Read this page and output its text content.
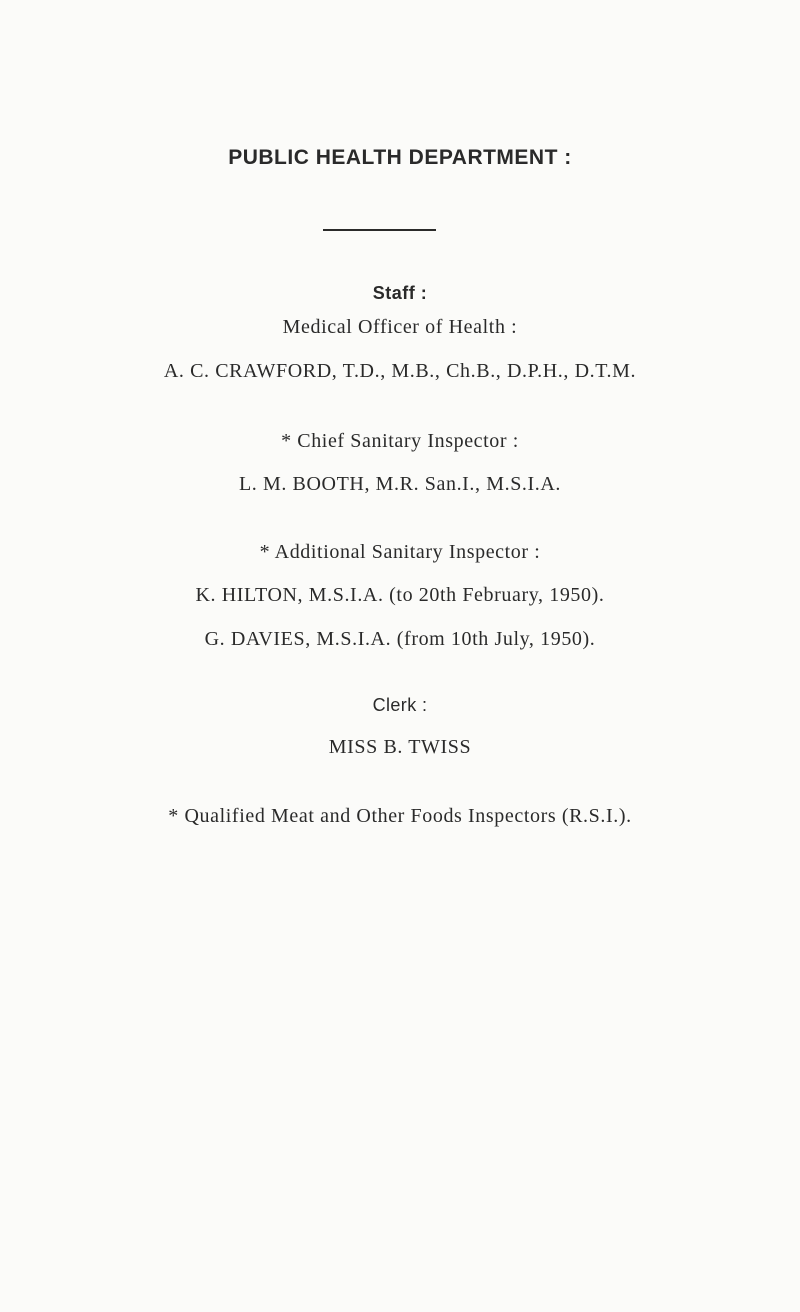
PUBLIC HEALTH DEPARTMENT :
Staff :
Medical Officer of Health :
A. C. CRAWFORD, T.D., M.B., Ch.B., D.P.H., D.T.M.
* Chief Sanitary Inspector :
L. M. BOOTH, M.R. San.I., M.S.I.A.
* Additional Sanitary Inspector :
K. HILTON, M.S.I.A. (to 20th February, 1950).
G. DAVIES, M.S.I.A. (from 10th July, 1950).
Clerk :
MISS B. TWISS
* Qualified Meat and Other Foods Inspectors (R.S.I.).
